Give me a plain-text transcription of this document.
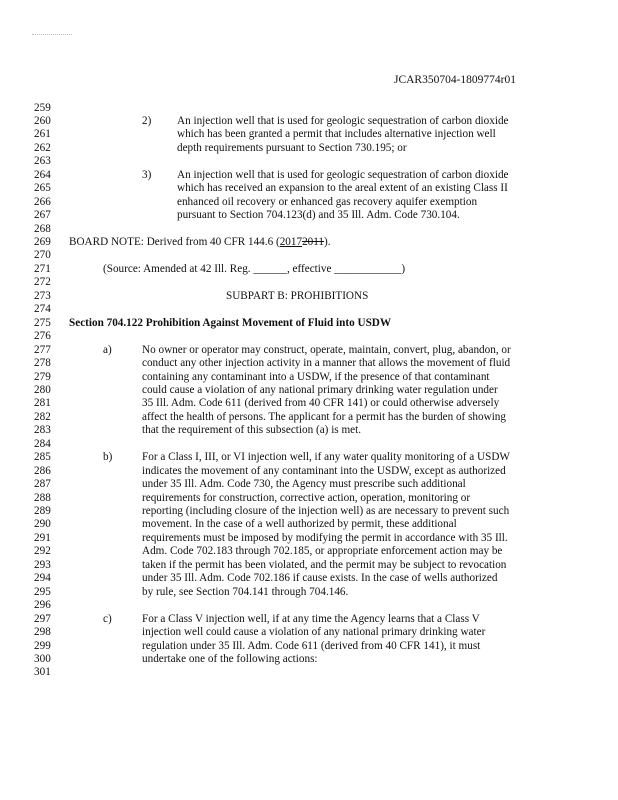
JCAR350704-1809774r01
259
260	2) An injection well that is used for geologic sequestration of carbon dioxide
261	which has been granted a permit that includes alternative injection well
262	depth requirements pursuant to Section 730.195; or
263
264	3) An injection well that is used for geologic sequestration of carbon dioxide
265	which has received an expansion to the areal extent of an existing Class II
266	enhanced oil recovery or enhanced gas recovery aquifer exemption
267	pursuant to Section 704.123(d) and 35 Ill. Adm. Code 730.104.
268
269	BOARD NOTE: Derived from 40 CFR 144.6 (20172011).
270
271	(Source: Amended at 42 Ill. Reg. ______, effective ____________)
272
273	SUBPART B: PROHIBITIONS
274
275	Section 704.122 Prohibition Against Movement of Fluid into USDW
276
277	a)	No owner or operator may construct, operate, maintain, convert, plug, abandon, or
278	conduct any other injection activity in a manner that allows the movement of fluid
279	containing any contaminant into a USDW, if the presence of that contaminant
280	could cause a violation of any national primary drinking water regulation under
281	35 Ill. Adm. Code 611 (derived from 40 CFR 141) or could otherwise adversely
282	affect the health of persons. The applicant for a permit has the burden of showing
283	that the requirement of this subsection (a) is met.
284
285	b)	For a Class I, III, or VI injection well, if any water quality monitoring of a USDW
286	indicates the movement of any contaminant into the USDW, except as authorized
287	under 35 Ill. Adm. Code 730, the Agency must prescribe such additional
288	requirements for construction, corrective action, operation, monitoring or
289	reporting (including closure of the injection well) as are necessary to prevent such
290	movement. In the case of a well authorized by permit, these additional
291	requirements must be imposed by modifying the permit in accordance with 35 Ill.
292	Adm. Code 702.183 through 702.185, or appropriate enforcement action may be
293	taken if the permit has been violated, and the permit may be subject to revocation
294	under 35 Ill. Adm. Code 702.186 if cause exists. In the case of wells authorized
295	by rule, see Section 704.141 through 704.146.
296
297	c)	For a Class V injection well, if at any time the Agency learns that a Class V
298	injection well could cause a violation of any national primary drinking water
299	regulation under 35 Ill. Adm. Code 611 (derived from 40 CFR 141), it must
300	undertake one of the following actions:
301
